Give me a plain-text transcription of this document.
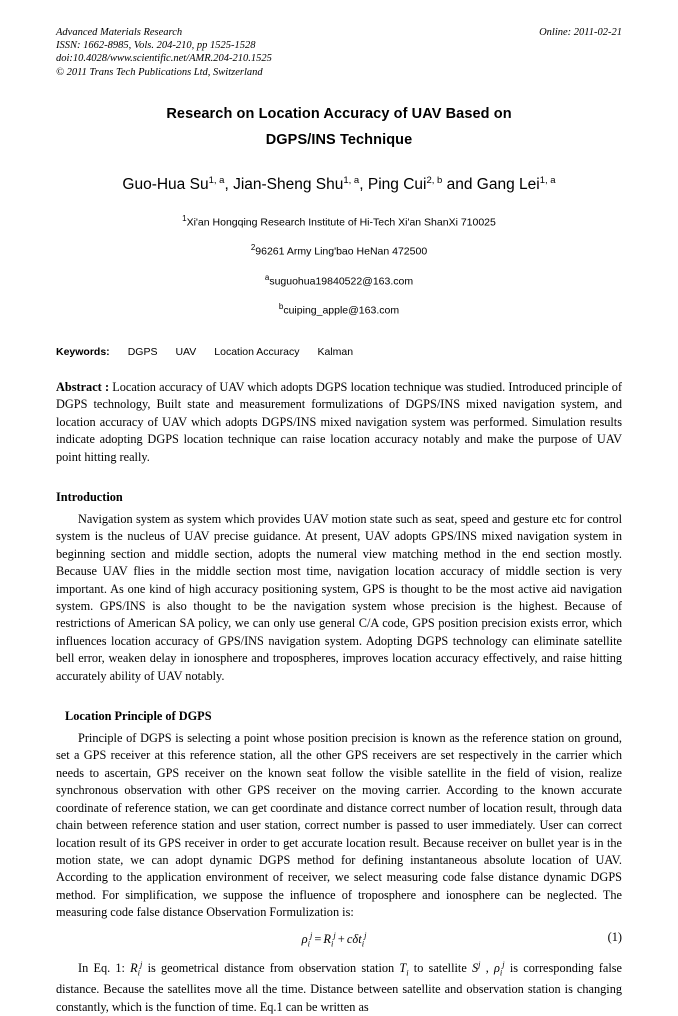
Online: 2011-02-21
Advanced Materials Research
ISSN: 1662-8985, Vols. 204-210, pp 1525-1528
doi:10.4028/www.scientific.net/AMR.204-210.1525
© 2011 Trans Tech Publications Ltd, Switzerland
Research on Location Accuracy of UAV Based on
DGPS/INS Technique
Guo-Hua Su$^{1, a}$, Jian-Sheng Shu$^{1, a}$, Ping Cui$^{2, b}$ and Gang Lei$^{1, a}$
$^1$Xi'an Hongqing Research Institute of Hi-Tech Xi'an ShanXi 710025
$^2$96261 Army Ling'bao HeNan 472500
$^a$suguohua19840522@163.com
$^b$cuiping_apple@163.com
Keywords: DGPS UAV Location Accuracy Kalman
Abstract : Location accuracy of UAV which adopts DGPS location technique was studied. Introduced principle of DGPS technology, Built state and measurement formulizations of DGPS/INS mixed navigation system, and location accuracy of UAV which adopts DGPS/INS mixed navigation system was performed. Simulation results indicate adopting DGPS location technique can raise location accuracy notably and make the purpose of UAV point hitting really.
Introduction
Navigation system as system which provides UAV motion state such as seat, speed and gesture etc for control system is the nucleus of UAV precise guidance. At present, UAV adopts GPS/INS mixed navigation system in beginning section and middle section, adopts the numeral view matching method in the end section mostly. Because UAV flies in the middle section most time, navigation location accuracy of middle section is very important. As one kind of high accuracy positioning system, GPS is thought to be the most active aid navigation system. GPS/INS is also thought to be the navigation system whose precision is the highest. Because of restrictions of American SA policy, we can only use general C/A code, GPS position precision exists error, which influences location accuracy of GPS/INS navigation system. Adopting DGPS technology can eliminate satellite bell error, weaken delay in ionosphere and tropospheres, improves location accuracy effectively, and raise hitting accurately ability of UAV notably.
Location Principle of DGPS
Principle of DGPS is selecting a point whose position precision is known as the reference station on ground, set a GPS receiver at this reference station, all the other GPS receivers are set respectively in the carrier which needs to ascertain, GPS receiver on the known seat follow the visible satellite in the field of vision, realize synchronous observation with other GPS receiver on the moving carrier. According to the known accurate coordinate of reference station, we can get coordinate and distance correct number of location result, through data chain between reference station and user station, correct number is passed to user immediately. User can correct location result of its GPS receiver in order to get accurate location result. Because receiver on bullet year is in the motion state, we can adopt dynamic DGPS method for defining instantaneous absolute location of UAV. According to the application environment of receiver, we select measuring code false distance dynamic DGPS method. For simplification, we suppose the influence of troposphere and ionosphere can be neglected. The measuring code false distance Observation Formulization is:
$\rho_i^j = R_i^j + c\delta t_i^j$	(1)
In Eq. 1: $R_i^j$ is geometrical distance from observation station $T_i$ to satellite $S^j$ , $\rho_i^j$ is corresponding false distance. Because the satellites move all the time. Distance between satellite and observation station is changing constantly, which is the function of time. Eq.1 can be written as
